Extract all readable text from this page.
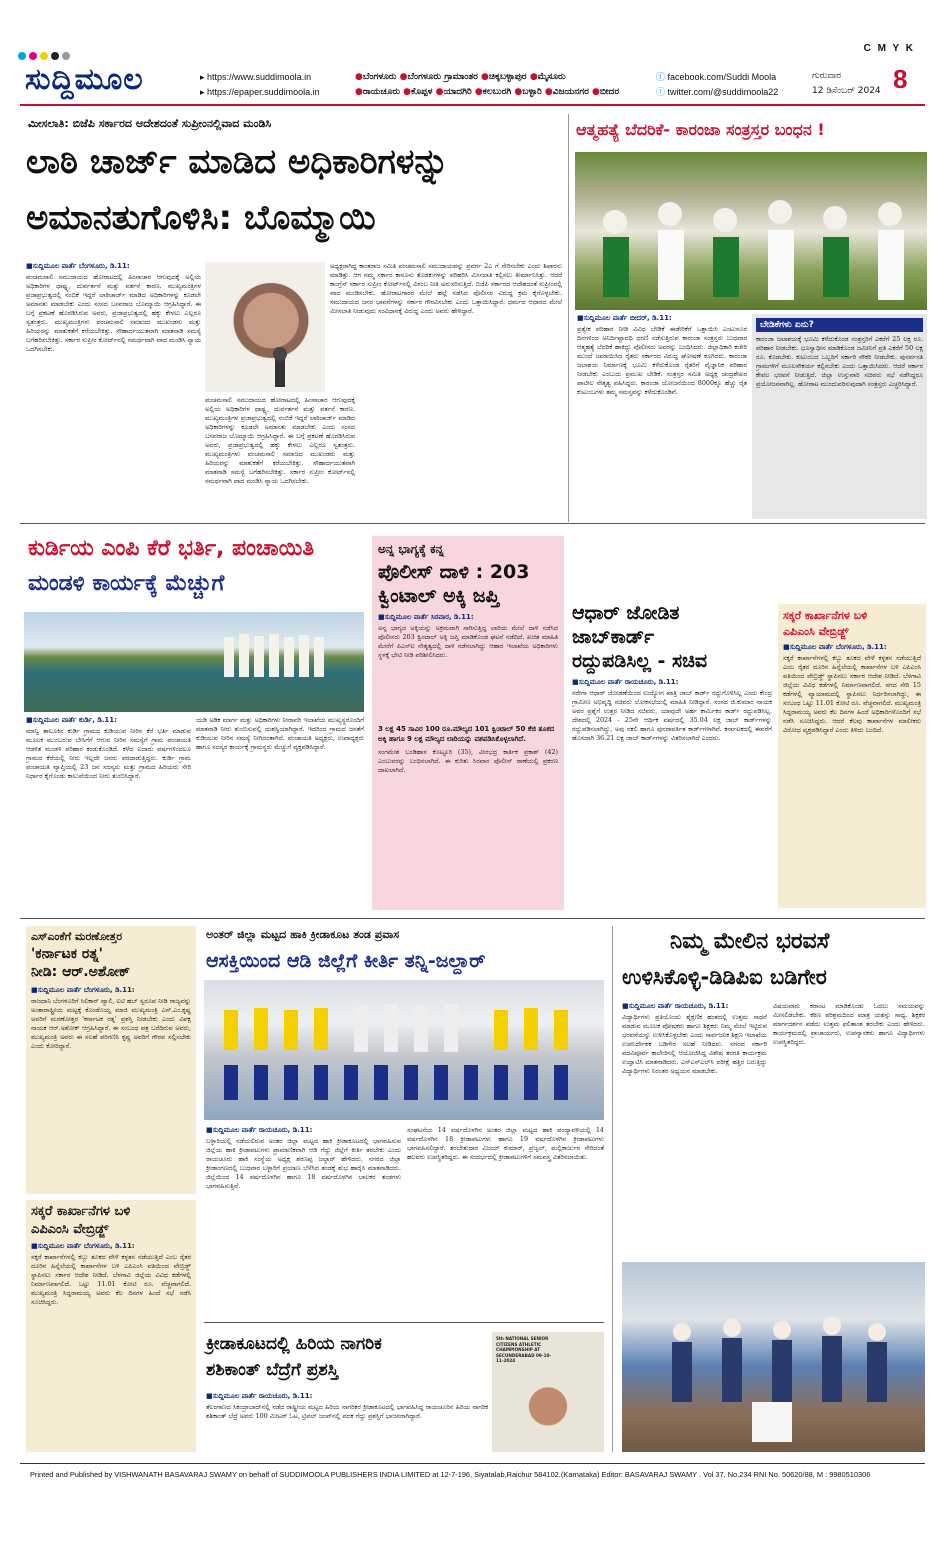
C M Y K
ಸುದ್ದಿಮೂಲ	▸ https://www.suddimoola.in
▸ https://epaper.suddimoola.in
●ಬೆಂಗಳೂರು ●ಬೆಂಗಳೂರು ಗ್ರಾಮಾಂತರ ●ಚಿಕ್ಕಬಳ್ಳಾಪುರ ●ಮೈಸೂರು
●ರಾಯಚೂರು ●ಕೊಪ್ಪಳ ●ಯಾದಗಿರಿ ●ಕಲಬುರಗಿ ●ಬಳ್ಳಾರಿ ●ವಿಜಯನಗರ ●ಬೀದರ
ⓕ facebook.com/Suddi Moola
ⓣ twitter.com/@suddimoola22
ಗುರುವಾರ
12 ಡಿಸೆಂಬರ್ 2024 8
ಮೀಸಲಾತಿ: ಬಿಜೆಪಿ ಸರ್ಕಾರದ ಆದೇಶದಂತೆ ಸುಪ್ರೀಂನಲ್ಲಿವಾದ ಮಂಡಿಸಿ
ಲಾಠಿ ಚಾರ್ಜ್ ಮಾಡಿದ ಅಧಿಕಾರಿಗಳನ್ನು
ಅಮಾನತುಗೊಳಿಸಿ: ಬೊಮ್ಮಾಯಿ
■ಸುದ್ದಿಮೂಲ ವಾರ್ತೆ ಬೆಂಗಳೂರು, ಡಿ.11:
ಪಂಚಮಸಾಲಿ ಸಮುದಾಯದ ಹೋರಾಟದಲ್ಲಿ ಹಿಂಸಾಚಾರ ಆಗುವುದಕ್ಕೆ ಅಲ್ಲಿಯ ಅಧಿಕಾರಿಗಳ ಧಾಷ್ಟ್ಯ, ದುರ್ವರ್ತನೆ ಮತ್ತು ವರ್ತನೆ ಕಾರಣ. ಮುಖ್ಯಮಂತ್ರಿಗಳ ಪ್ರಜಾಪ್ರಭುತ್ವದಲ್ಲಿ ನಂಬಿಕೆ ಇದ್ದರೆ ಲಾಠಿಚಾರ್ಜ್ ಮಾಡಿದ ಅಧಿಕಾರಿಗಳನ್ನು ಕೂಡಲೇ ಅಮಾನತು ಮಾಡಬೇಕು ಎಂದು ಸಂಸದ ಬಸವರಾಜ ಬೊಮ್ಮಾಯಿ ಆಗ್ರಹಿಸಿದ್ದಾರೆ. ಈ ಬಗ್ಗೆ ಪ್ರಕಟಣೆ ಹೊರಡಿಸಿರುವ ಅವರು, ಪ್ರಜಾಪ್ರಭುತ್ವದಲ್ಲಿ ಹಕ್ಕು ಕೇಳಲು ಎಲ್ಲರೂ ಸ್ವತಂತ್ರರು. ಮುಖ್ಯಮಂತ್ರಿಗಳು ಪಂಚಮಸಾಲಿ ಸಮಾಜದ ಮುಖಂಡರು ಮತ್ತು ಹಿರಿಯರನ್ನು ಮಾತುಕತೆಗೆ ಕರೆಯಬೇಕಿತ್ತು. ಸೌಹಾರ್ದಯುತವಾಗಿ ಮಾತನಾಡಿ ಸಮಸ್ಯೆ ಬಗೆಹರಿಸಬೇಕಿತ್ತು. ಸರ್ಕಾರ ಸುಪ್ರೀಂ ಕೋರ್ಟ್‌ನಲ್ಲಿ ಸಮರ್ಥವಾಗಿ ವಾದ ಮಂಡಿಸಿ ನ್ಯಾಯ ಒದಗಿಸಬೇಕು.
ಪಂಚಮಸಾಲಿ ಸಮುದಾಯದ ಹೋರಾಟದಲ್ಲಿ ಹಿಂಸಾಚಾರ ಆಗುವುದಕ್ಕೆ ಅಲ್ಲಿಯ ಅಧಿಕಾರಿಗಳ ಧಾಷ್ಟ್ಯ, ದುರ್ವರ್ತನೆ ಮತ್ತು ವರ್ತನೆ ಕಾರಣ. ಮುಖ್ಯಮಂತ್ರಿಗಳ ಪ್ರಜಾಪ್ರಭುತ್ವದಲ್ಲಿ ನಂಬಿಕೆ ಇದ್ದರೆ ಲಾಠಿಚಾರ್ಜ್ ಮಾಡಿದ ಅಧಿಕಾರಿಗಳನ್ನು ಕೂಡಲೇ ಅಮಾನತು ಮಾಡಬೇಕು ಎಂದು ಸಂಸದ ಬಸವರಾಜ ಬೊಮ್ಮಾಯಿ ಆಗ್ರಹಿಸಿದ್ದಾರೆ. ಈ ಬಗ್ಗೆ ಪ್ರಕಟಣೆ ಹೊರಡಿಸಿರುವ ಅವರು, ಪ್ರಜಾಪ್ರಭುತ್ವದಲ್ಲಿ ಹಕ್ಕು ಕೇಳಲು ಎಲ್ಲರೂ ಸ್ವತಂತ್ರರು. ಮುಖ್ಯಮಂತ್ರಿಗಳು ಪಂಚಮಸಾಲಿ ಸಮಾಜದ ಮುಖಂಡರು ಮತ್ತು ಹಿರಿಯರನ್ನು ಮಾತುಕತೆಗೆ ಕರೆಯಬೇಕಿತ್ತು. ಸೌಹಾರ್ದಯುತವಾಗಿ ಮಾತನಾಡಿ ಸಮಸ್ಯೆ ಬಗೆಹರಿಸಬೇಕಿತ್ತು. ಸರ್ಕಾರ ಸುಪ್ರೀಂ ಕೋರ್ಟ್‌ನಲ್ಲಿ ಸಮರ್ಥವಾಗಿ ವಾದ ಮಂಡಿಸಿ ನ್ಯಾಯ ಒದಗಿಸಬೇಕು.
ಅಧ್ಯಕ್ಷರಾಗಿದ್ದ ಕಾಂತರಾಜ ಸಮಿತಿ ಪಂಚಮಸಾಲಿ ಸಮುದಾಯವನ್ನು ಪ್ರವರ್ಗ 2ಎ ಗೆ ಸೇರಿಸಬೇಕು ಎಂದು ಶಿಫಾರಸು ಮಾಡಿತ್ತು. ಆಗ ನಮ್ಮ ಸರ್ಕಾರ ಕಾನೂನು ತೊಡಕುಗಳನ್ನು ಪರಿಹರಿಸಿ ಮೀಸಲಾತಿ ಕಲ್ಪಿಸಲು ತೀರ್ಮಾನಿಸಿತ್ತು. ಆದರೆ ಕಾಂಗ್ರೆಸ್ ಸರ್ಕಾರ ಸುಪ್ರೀಂ ಕೋರ್ಟ್‌ನಲ್ಲಿ ವಿಳಂಬ ನೀತಿ ಅನುಸರಿಸುತ್ತಿದೆ. ಬಿಜೆಪಿ ಸರ್ಕಾರದ ಆದೇಶದಂತೆ ಸುಪ್ರೀಂನಲ್ಲಿ ವಾದ ಮಂಡಿಸಬೇಕು. ಹೋರಾಟಗಾರರ ಮೇಲೆ ಹಲ್ಲೆ ನಡೆಸಿದ ಪೊಲೀಸರ ವಿರುದ್ಧ ಕ್ರಮ ಕೈಗೊಳ್ಳಬೇಕು. ಸಮುದಾಯದ ಜನರ ಭಾವನೆಗಳನ್ನು ಸರ್ಕಾರ ಗೌರವಿಸಬೇಕು ಎಂದು ಒತ್ತಾಯಿಸಿದ್ದಾರೆ. ಧರ್ಮದ ಆಧಾರದ ಮೇಲೆ ಮೀಸಲಾತಿ ನೀಡುವುದು ಸಂವಿಧಾನಕ್ಕೆ ವಿರುದ್ಧ ಎಂದು ಅವರು ಹೇಳಿದ್ದಾರೆ.
ಆತ್ಮಹತ್ಯೆ ಬೆದರಿಕೆ- ಕಾರಂಜಾ ಸಂತ್ರಸ್ತರ ಬಂಧನ !
■ಸುದ್ದಿಮೂಲ ವಾರ್ತೆ ಬೀದರ್, ಡಿ.11:
ಪ್ರತ್ಯೇಕ ಪರಿಹಾರ ನೀಡಿ ವಿವಿಧ ಬೇಡಿಕೆ ಈಡೇರಿಕೆಗೆ ಒತ್ತಾಯಿಸಿ ಎಂಟುನೂರ ದಿನಗಳಿಂದ ಅನಿರ್ದಿಷ್ಟಾವಧಿ ಧರಣಿ ನಡೆಸುತ್ತಿರುವ ಕಾರಂಜಾ ಸಂತ್ರಸ್ತರು ಬುಧವಾರ ಆತ್ಮಹತ್ಯೆ ಬೆದರಿಕೆ ಹಾಕಿದ್ದು ಪೊಲೀಸರು ಅವರನ್ನು ಬಂಧಿಸಿದರು. ಜಿಲ್ಲಾಧಿಕಾರಿ ಕಚೇರಿ ಮುಂದೆ ಜಮಾಯಿಸಿದ ರೈತರು ಸರ್ಕಾರದ ವಿರುದ್ಧ ಘೋಷಣೆ ಕೂಗಿದರು. ಕಾರಂಜಾ ಜಲಾಶಯ ನಿರ್ಮಾಣಕ್ಕೆ ಭೂಮಿ ಕಳೆದುಕೊಂಡ ರೈತರಿಗೆ ವೈಜ್ಞಾನಿಕ ಪರಿಹಾರ ನೀಡಬೇಕು ಎಂಬುದು ಪ್ರಮುಖ ಬೇಡಿಕೆ. ಸಂತ್ರಸ್ತರ ಸಮಿತಿ ಅಧ್ಯಕ್ಷ ಚಂದ್ರಶೇಖರ ಪಾಟೀಲ ನೇತೃತ್ವ ವಹಿಸಿದ್ದರು. ಕಾರಂಜಾ ಯೋಜನೆಯಿಂದ 8000ಕ್ಕೂ ಹೆಚ್ಚು ರೈತ ಕುಟುಂಬಗಳು ತಮ್ಮ ಸಮಸ್ತವನ್ನು ಕಳೆದುಕೊಂಡಿವೆ.
ಬೇಡಿಕೆಗಳು ಏನು?
ಕಾರಂಜಾ ಜಲಾಶಯಕ್ಕೆ ಭೂಮಿ ಕಳೆದುಕೊಂಡ ಸಂತ್ರಸ್ತರಿಗೆ ಎಕರೆಗೆ 25 ಲಕ್ಷ ರೂ. ಪರಿಹಾರ ನೀಡಬೇಕು. ಭೂಸ್ವಾಧೀನ ಮಾಡಿಕೊಂಡ ಜಮೀನಿಗೆ ಪ್ರತಿ ಎಕರೆಗೆ 50 ಲಕ್ಷ ರೂ. ಕೊಡಬೇಕು. ಕುಟುಂಬದ ಒಬ್ಬರಿಗೆ ಸರ್ಕಾರಿ ನೌಕರಿ ನೀಡಬೇಕು. ಪುನರ್ವಸತಿ ಗ್ರಾಮಗಳಿಗೆ ಮೂಲಸೌಕರ್ಯ ಕಲ್ಪಿಸಬೇಕು ಎಂದು ಒತ್ತಾಯಿಸಿದರು. ಆದರೆ ಸರ್ಕಾರ ಕೇವಲ ಭರವಸೆ ನೀಡುತ್ತಿದೆ. ಜಿಲ್ಲಾ ಉಸ್ತುವಾರಿ ಸಚಿವರು ಸಭೆ ನಡೆಸಿದ್ದರೂ ಪ್ರಯೋಜನವಾಗಿಲ್ಲ. ಹೋರಾಟ ಮುಂದುವರಿಸುವುದಾಗಿ ಸಂತ್ರಸ್ತರು ಎಚ್ಚರಿಸಿದ್ದಾರೆ.
ಕುರ್ಡಿಯ ಎಂಪಿ ಕೆರೆ ಭರ್ತಿ, ಪಂಚಾಯಿತಿ
ಮಂಡಳಿ ಕಾರ್ಯಕ್ಕೆ ಮೆಚ್ಚುಗೆ
■ಸುದ್ದಿಮೂಲ ವಾರ್ತೆ ಕುರ್ಡಿ, ಡಿ.11:
ಮಾನ್ವಿ ತಾಲೂಕಿನ ಕುರ್ಡಿ ಗ್ರಾಮದ ಕುಡಿಯುವ ನೀರಿನ ಕೆರೆ ಭರ್ತಿ ಮಾಡುವ ಮೂಲಕ ಮುಂಬರುವ ಬೇಸಿಗೆಗೆ ಆಗುವ ನೀರಿನ ಸಮಸ್ಯೆಗೆ ಗ್ರಾಮ ಪಂಚಾಯತಿ ಆಡಳಿತ ಮಂಡಳಿ ಪರಿಹಾರ ಕಂಡುಕೊಂಡಿದೆ. ಕಳೆದ ಐದಾರು ವರ್ಷಗಳಿಂದಲೂ ಗ್ರಾಮದ ಕೆರೆಯಲ್ಲಿ ನೀರು ಇಲ್ಲದೇ ಜನರು ಪರದಾಡುತ್ತಿದ್ದರು. ಕುರ್ಡಿ ಗ್ರಾಮ ಪಂಚಾಯತಿ ವ್ಯಾಪ್ತಿಯಲ್ಲಿ 23 ಜನ ಸದಸ್ಯರು ಮತ್ತು ಗ್ರಾಮದ ಹಿರಿಯರು ಸೇರಿ ನಿರ್ಧಾರ ಕೈಗೊಂಡು ಕಾಲುವೆಯಿಂದ ನೀರು ತುಂಬಿಸಿದ್ದಾರೆ.
ಯಡಿ ಅಡಿಕ ಮಾರ್ಗ ಮತ್ತು ಅಧಿಕಾರಿಗಳು ನೀರಾವರಿ ಇಲಾಖೆಯ ಮುಖ್ಯಸ್ಥರೊಂದಿಗೆ ಮಾತನಾಡಿ ನೀರು ತುಂಬಿಸುವಲ್ಲಿ ಯಶಸ್ವಿಯಾಗಿದ್ದಾರೆ. ಇದರಿಂದ ಗ್ರಾಮದ ಜನತೆಗೆ ಕುಡಿಯುವ ನೀರಿನ ಸಮಸ್ಯೆ ನೀಗಿದಂತಾಗಿದೆ. ಪಂಚಾಯತಿ ಅಧ್ಯಕ್ಷರು, ಉಪಾಧ್ಯಕ್ಷರು ಹಾಗೂ ಸದಸ್ಯರ ಕಾರ್ಯಕ್ಕೆ ಗ್ರಾಮಸ್ಥರು ಮೆಚ್ಚುಗೆ ವ್ಯಕ್ತಪಡಿಸಿದ್ದಾರೆ.
ಅನ್ನ ಭಾಗ್ಯಕ್ಕೆ ಕನ್ನ
ಪೊಲೀಸ್ ದಾಳಿ : 203
ಕ್ವಿಂಟಾಲ್ ಅಕ್ಕಿ ಜಪ್ತಿ
■ಸುದ್ದಿಮೂಲ ವಾರ್ತೆ ಸಿರವಾರ, ಡಿ.11:
ಅನ್ನ ಭಾಗ್ಯದ ಅಕ್ಕಿಯನ್ನು ಅಕ್ರಮವಾಗಿ ಸಾಗಿಸುತ್ತಿದ್ದ ಲಾರಿಯ ಮೇಲೆ ದಾಳಿ ನಡೆಸಿದ ಪೊಲೀಸರು 203 ಕ್ವಿಂಟಾಲ್ ಅಕ್ಕಿ ಜಪ್ತಿ ಮಾಡಿಕೊಂಡ ಘಟನೆ ನಡೆದಿದೆ. ಖಚಿತ ಮಾಹಿತಿ ಮೇರೆಗೆ ಪಿಎಸ್ಐ ನೇತೃತ್ವದಲ್ಲಿ ದಾಳಿ ನಡೆಸಲಾಗಿದ್ದು ಆಹಾರ ಇಲಾಖೆಯ ಅಧಿಕಾರಿಗಳು ಸ್ಥಳಕ್ಕೆ ಭೇಟಿ ನೀಡಿ ಪರಿಶೀಲಿಸಿದರು.
3 ಲಕ್ಷ 45 ಸಾವಿರ 100 ರೂ.ಮೌಲ್ಯದ 101 ಕ್ವಿಂಟಾಲ್ 50 ಕೆಜಿ ತೂಕದ ಅಕ್ಕಿ ಹಾಗೂ 9 ಲಕ್ಷ ಮೌಲ್ಯದ ಲಾರಿಯನ್ನು ವಶಪಡಿಸಿಕೊಳ್ಳಲಾಗಿದೆ.
ಸಂಗಮೇಶ ಬಂಡಿಹಾಳ ಕೊಟ್ಟೂರಿ (35), ವೀರಭದ್ರ ಕಾರ್ತಿಕ ಪ್ರಕಾಶ್ (42) ಎಂಬುವರನ್ನು ಬಂಧಿಸಲಾಗಿದೆ. ಈ ಕುರಿತು ಸಿರವಾರ ಪೊಲೀಸ್ ಠಾಣೆಯಲ್ಲಿ ಪ್ರಕರಣ ದಾಖಲಾಗಿದೆ.
ಆಧಾರ್ ಜೋಡಿತ
ಜಾಬ್‌ಕಾರ್ಡ್
ರದ್ದುಪಡಿಸಿಲ್ಲ - ಸಚಿವ
■ಸುದ್ದಿಮೂಲ ವಾರ್ತೆ ರಾಯಚೂರು, ಡಿ.11:
ನರೇಗಾ ಆಧಾರ್ ಜೋಡಣೆಯಿಂದ ಉದ್ಯೋಗ ಖಾತ್ರಿ ಜಾಬ್ ಕಾರ್ಡ್ ರದ್ದುಗೊಳಿಸಿಲ್ಲ ಎಂದು ಕೇಂದ್ರ ಗ್ರಾಮೀಣ ಅಭಿವೃದ್ಧಿ ಸಚಿವರು ಲೋಕಸಭೆಯಲ್ಲಿ ಮಾಹಿತಿ ನೀಡಿದ್ದಾರೆ. ಸಂಸದ ಜಿ.ಕುಮಾರ ನಾಯಕ ಅವರ ಪ್ರಶ್ನೆಗೆ ಉತ್ತರ ನೀಡಿದ ಸಚಿವರು, ಯಾವುದೇ ಅರ್ಹ ಕಾರ್ಮಿಕರ ಕಾರ್ಡ್ ರದ್ದುಪಡಿಸಿಲ್ಲ. ದೇಶದಲ್ಲಿ 2024 - 25ನೇ ಆರ್ಥಿಕ ವರ್ಷದಲ್ಲಿ 35.04 ಲಕ್ಷ ಜಾಬ್ ಕಾರ್ಡ್‌ಗಳನ್ನು ರದ್ದುಪಡಿಸಲಾಗಿದ್ದು, ಅವು ನಕಲಿ ಹಾಗೂ ಪುನರಾವರ್ತಿತ ಕಾರ್ಡ್‌ಗಳಾಗಿವೆ. ಕರ್ನಾಟಕದಲ್ಲಿ ಈವರೆಗೆ ಹೊಸದಾಗಿ 36.21 ಲಕ್ಷ ಜಾಬ್ ಕಾರ್ಡ್‌ಗಳನ್ನು ವಿತರಿಸಲಾಗಿದೆ ಎಂದರು.
ಸಕ್ಕರೆ ಕಾರ್ಖಾನೆಗಳ ಬಳಿ
ಎಪಿಎಂಸಿ ವೇಬ್ರಿಡ್ಜ್
■ಸುದ್ದಿಮೂಲ ವಾರ್ತೆ ಬೆಂಗಳೂರು, ಡಿ.11:
ಸಕ್ಕರೆ ಕಾರ್ಖಾನೆಗಳಲ್ಲಿ ಕಬ್ಬು ತೂಕದ ವೇಳೆ ಕಳ್ಳತನ ನಡೆಯುತ್ತಿದೆ ಎಂಬ ರೈತರ ದೂರಿನ ಹಿನ್ನೆಲೆಯಲ್ಲಿ ಕಾರ್ಖಾನೆಗಳ ಬಳಿ ಎಪಿಎಂಸಿ ವತಿಯಿಂದ ವೇಬ್ರಿಡ್ಜ್ ಸ್ಥಾಪಿಸಲು ಸರ್ಕಾರ ಆದೇಶ ನೀಡಿದೆ. ಬೆಳಗಾವಿ ಜಿಲ್ಲೆಯ ವಿವಿಧ ಕಡೆಗಳಲ್ಲಿ ನಿರ್ಮಾಣವಾಗಲಿದೆ. ನಗದ ಸೇರಿ 15 ಕಡೆಗಳಲ್ಲಿ ವ್ಯಾಯಾಮದಲ್ಲಿ ಸ್ಥಾಪಿಸಲು ನಿರ್ಧರಿಸಲಾಗಿದ್ದು, ಈ ಸಂಬಂಧ ಒಟ್ಟು 11.01 ಕೋಟಿ ರೂ. ವೆಚ್ಚವಾಗಲಿದೆ. ಮುಖ್ಯಮಂತ್ರಿ ಸಿದ್ದರಾಮಯ್ಯ ಅವರು ಕೆಲ ದಿನಗಳ ಹಿಂದೆ ಅಧಿಕಾರಿಗಳೊಂದಿಗೆ ಸಭೆ ನಡೆಸಿ ಸೂಚಿಸಿದ್ದರು. ಆದರೆ ಕೆಲವು ಕಾರ್ಖಾನೆಗಳ ಮಾಲೀಕರು ವಿರೋಧ ವ್ಯಕ್ತಪಡಿಸಿದ್ದಾರೆ ಎಂದು ತಿಳಿದು ಬಂದಿದೆ.
ಎಸ್‌ಎಂಕೆಗೆ ಮರಣೋತ್ತರ
'ಕರ್ನಾಟಕ ರತ್ನ'
ನೀಡಿ: ಆರ್.ಅಶೋಕ್
■ಸುದ್ದಿಮೂಲ ವಾರ್ತೆ ಬೆಂಗಳೂರು, ಡಿ.11:
ರಾಜಧಾನಿ ಬೆಂಗಳೂರಿಗೆ ಸಿಲಿಕಾನ್ ವ್ಯಾಲಿ, ಐಟಿ ಹಬ್ ಸ್ವರೂಪ ನೀಡಿ ರಾಜ್ಯವನ್ನು ಅಂತಾರಾಷ್ಟ್ರೀಯ ಮಟ್ಟಕ್ಕೆ ಕೊಂಡೊಯ್ದ ಮಾಜಿ ಮುಖ್ಯಮಂತ್ರಿ ಎಸ್.ಎಂ.ಕೃಷ್ಣ ಅವರಿಗೆ ಮರಣೋತ್ತರ 'ಕರ್ನಾಟಕ ರತ್ನ' ಪ್ರಶಸ್ತಿ ನೀಡಬೇಕು ಎಂದು ವಿಪಕ್ಷ ನಾಯಕ ಆರ್.ಅಶೋಕ್ ಆಗ್ರಹಿಸಿದ್ದಾರೆ. ಈ ಸಂಬಂಧ ಪತ್ರ ಬರೆದಿರುವ ಅವರು, ಮುಖ್ಯಮಂತ್ರಿ ಅವರು ಈ ಸಲಹೆ ಪರಿಗಣಿಸಿ ಕೃಷ್ಣ ಅವರಿಗೆ ಗೌರವ ಸಲ್ಲಿಸಬೇಕು ಎಂದು ಕೋರಿದ್ದಾರೆ.
ಸಕ್ಕರೆ ಕಾರ್ಖಾನೆಗಳ ಬಳಿ
ಎಪಿಎಂಸಿ ವೇಬ್ರಿಡ್ಜ್
■ಸುದ್ದಿಮೂಲ ವಾರ್ತೆ ಬೆಂಗಳೂರು, ಡಿ.11:
ಸಕ್ಕರೆ ಕಾರ್ಖಾನೆಗಳಲ್ಲಿ ಕಬ್ಬು ತೂಕದ ವೇಳೆ ಕಳ್ಳತನ ನಡೆಯುತ್ತಿದೆ ಎಂಬ ರೈತರ ದೂರಿನ ಹಿನ್ನೆಲೆಯಲ್ಲಿ ಕಾರ್ಖಾನೆಗಳ ಬಳಿ ಎಪಿಎಂಸಿ ವತಿಯಿಂದ ವೇಬ್ರಿಡ್ಜ್ ಸ್ಥಾಪಿಸಲು ಸರ್ಕಾರ ಆದೇಶ ನೀಡಿದೆ. ಬೆಳಗಾವಿ ಜಿಲ್ಲೆಯ ವಿವಿಧ ಕಡೆಗಳಲ್ಲಿ ನಿರ್ಮಾಣವಾಗಲಿದೆ. ಒಟ್ಟು 11.01 ಕೋಟಿ ರೂ. ವೆಚ್ಚವಾಗಲಿದೆ. ಮುಖ್ಯಮಂತ್ರಿ ಸಿದ್ದರಾಮಯ್ಯ ಅವರು ಕೆಲ ದಿನಗಳ ಹಿಂದೆ ಸಭೆ ನಡೆಸಿ ಸೂಚಿಸಿದ್ದರು.
ಅಂತರ್ ಜಿಲ್ಲಾ ಮಟ್ಟದ ಹಾಕಿ ಕ್ರೀಡಾಕೂಟ ತಂಡ ಪ್ರವಾಸ
ಆಸಕ್ತಿಯಿಂದ ಆಡಿ ಜಿಲ್ಲೆಗೆ ಕೀರ್ತಿ ತನ್ನಿ-ಜಲ್ದಾರ್
■ಸುದ್ದಿಮೂಲ ವಾರ್ತೆ ರಾಯಚೂರು, ಡಿ.11:
ಬಳ್ಳಾರಿಯಲ್ಲಿ ನಡೆಯಲಿರುವ ಅಂತರ ಜಿಲ್ಲಾ ಮಟ್ಟದ ಹಾಕಿ ಕ್ರೀಡಾಕೂಟದಲ್ಲಿ ಭಾಗವಹಿಸುವ ಜಿಲ್ಲೆಯ ಹಾಕಿ ಕ್ರೀಡಾಪಟುಗಳು ಪ್ರಾಮಾಣಿಕವಾಗಿ ಆಡಿ ಗೆದ್ದು ಜಿಲ್ಲೆಗೆ ಕೀರ್ತಿ ತರಬೇಕು ಎಂದು ರಾಯಚೂರು ಹಾಕಿ ಸಂಸ್ಥೆಯ ಅಧ್ಯಕ್ಷ ಶರಣಪ್ಪ ಜಲ್ದಾರ್ ಹೇಳಿದರು. ನಗರದ ಜಿಲ್ಲಾ ಕ್ರೀಡಾಂಗಣದಲ್ಲಿ ಬುಧವಾರ ಬಳ್ಳಾರಿಗೆ ಪ್ರಯಾಣ ಬೆಳೆಸಿದ ತಂಡಕ್ಕೆ ಶುಭ ಹಾರೈಸಿ ಮಾತನಾಡಿದರು. ಜಿಲ್ಲೆಯಿಂದ 14 ವರ್ಷದೊಳಗಿನ ಹಾಗೂ 18 ವರ್ಷದೊಳಗಿನ ಬಾಲಕರ ತಂಡಗಳು ಭಾಗವಹಿಸುತ್ತಿವೆ.
ಸಂಘಟನೆಯ 14 ವರ್ಷದೊಳಗಿನ ಅಂತರ ಜಿಲ್ಲಾ ಮಟ್ಟದ ಹಾಕಿ ಪಂದ್ಯಾವಳಿಯಲ್ಲಿ 14 ವರ್ಷದೊಳಗಿನ 18 ಕ್ರೀಡಾಪಟುಗಳು ಹಾಗೂ 19 ವರ್ಷದೊಳಗಿನ ಕ್ರೀಡಾಪಟುಗಳು ಭಾಗವಹಿಸಲಿದ್ದಾರೆ. ತರಬೇತುದಾರ ವಿಜಯ್ ಕುಮಾರ್, ಪ್ರಜ್ವಲ್, ಮಲ್ಲಿಕಾರ್ಜುನ ಸೇರಿದಂತೆ ಹಲವರು ಉಪಸ್ಥಿತರಿದ್ದರು. ಈ ಸಂದರ್ಭದಲ್ಲಿ ಕ್ರೀಡಾಪಟುಗಳಿಗೆ ಸಮವಸ್ತ್ರ ವಿತರಿಸಲಾಯಿತು.
ಕ್ರೀಡಾಕೂಟದಲ್ಲಿ ಹಿರಿಯ ನಾಗರಿಕ
ಶಶಿಕಾಂತ್ ಬೆದ್ರೆಗೆ ಪ್ರಶಸ್ತಿ
5th NATIONAL SENIOR CITIZENS ATHLETIC CHAMPIONSHIP AT SECUNDERABAD 09-10-11-2024
■ಸುದ್ದಿಮೂಲ ವಾರ್ತೆ ರಾಯಚೂರು, ಡಿ.11:
ತೆಲಂಗಾಣದ ಸಿಕಂದ್ರಾಬಾದ್‌ನಲ್ಲಿ ನಡೆದ ರಾಷ್ಟ್ರೀಯ ಮಟ್ಟದ ಹಿರಿಯ ನಾಗರಿಕರ ಕ್ರೀಡಾಕೂಟದಲ್ಲಿ ಭಾಗವಹಿಸಿದ್ದ ರಾಯಚೂರಿನ ಹಿರಿಯ ನಾಗರಿಕ ಶಶಿಕಾಂತ್ ಬೆದ್ರೆ ಅವರು 100 ಮೀಟರ್ ಓಟ, ಟ್ರಿಪಲ್ ಜಂಪ್‌ನಲ್ಲಿ ಪದಕ ಗೆದ್ದು ಪ್ರಶಸ್ತಿಗೆ ಭಾಜನರಾಗಿದ್ದಾರೆ.
ನಿಮ್ಮ ಮೇಲಿನ ಭರವಸೆ
ಉಳಿಸಿಕೊಳ್ಳಿ-ಡಿಡಿಪಿಐ ಬಡಿಗೇರ
■ಸುದ್ದಿಮೂಲ ವಾರ್ತೆ ರಾಯಚೂರು, ಡಿ.11:
ವಿದ್ಯಾರ್ಥಿಗಳು ಪ್ರತಿಯೊಂದು ಶೈಕ್ಷಣಿಕ ಹಂತದಲ್ಲಿ ಉತ್ತಮ ಸಾಧನೆ ಮಾಡುವ ಮೂಲಕ ಪೋಷಕರು ಹಾಗೂ ಶಿಕ್ಷಕರು ನಿಮ್ಮ ಮೇಲೆ ಇಟ್ಟಿರುವ ಭರವಸೆಯನ್ನು ಉಳಿಸಿಕೊಳ್ಳಬೇಕು ಎಂದು ಸಾರ್ವಜನಿಕ ಶಿಕ್ಷಣ ಇಲಾಖೆಯ ಉಪನಿರ್ದೇಶಕ ಬಡಿಗೇರ ಸಲಹೆ ನೀಡಿದರು. ನಗರದ ಸರ್ಕಾರಿ ಪದವಿಪೂರ್ವ ಕಾಲೇಜಿನಲ್ಲಿ ಆಯೋಜಿಸಿದ್ದ ವಿಶೇಷ ತರಗತಿ ಕಾರ್ಯಕ್ರಮ ಉದ್ಘಾಟಿಸಿ ಮಾತನಾಡಿದರು. ಎಸ್ಎಸ್ಎಲ್‌ಸಿ ಪರೀಕ್ಷೆ ಹತ್ತಿರ ಬರುತ್ತಿದ್ದು ವಿದ್ಯಾರ್ಥಿಗಳು ನಿರಂತರ ಅಧ್ಯಯನ ಮಾಡಬೇಕು.
ವಿಷಯವಾರು ಕರಾಂಟ ಮಾಡಿಕೊಂಡು ಓದಲು ಸಮಯವನ್ನು ಮೀಸಲಿಡಬೇಕು. ಕಠಿಣ ಪರಿಶ್ರಮದಿಂದ ಮಾತ್ರ ಯಶಸ್ಸು ಸಾಧ್ಯ. ಶಿಕ್ಷಕರ ಮಾರ್ಗದರ್ಶನ ಪಡೆದು ಉತ್ತಮ ಫಲಿತಾಂಶ ತರಬೇಕು ಎಂದು ಹೇಳಿದರು. ಕಾರ್ಯಕ್ರಮದಲ್ಲಿ ಪ್ರಾಚಾರ್ಯರು, ಉಪನ್ಯಾಸಕರು ಹಾಗೂ ವಿದ್ಯಾರ್ಥಿಗಳು ಉಪಸ್ಥಿತರಿದ್ದರು.
Printed and Published by VISHWANATH BASAVARAJ SWAMY on behalf of SUDDIMOOLA PUBLISHERS INDIA LIMITED at 12-7-196, Siyatalab,Raichur 584102.(Karnataka) Editor: BASAVARAJ SWAMY . Vol 37. No.234 RNI No. 50620/88, M : 9980510306
